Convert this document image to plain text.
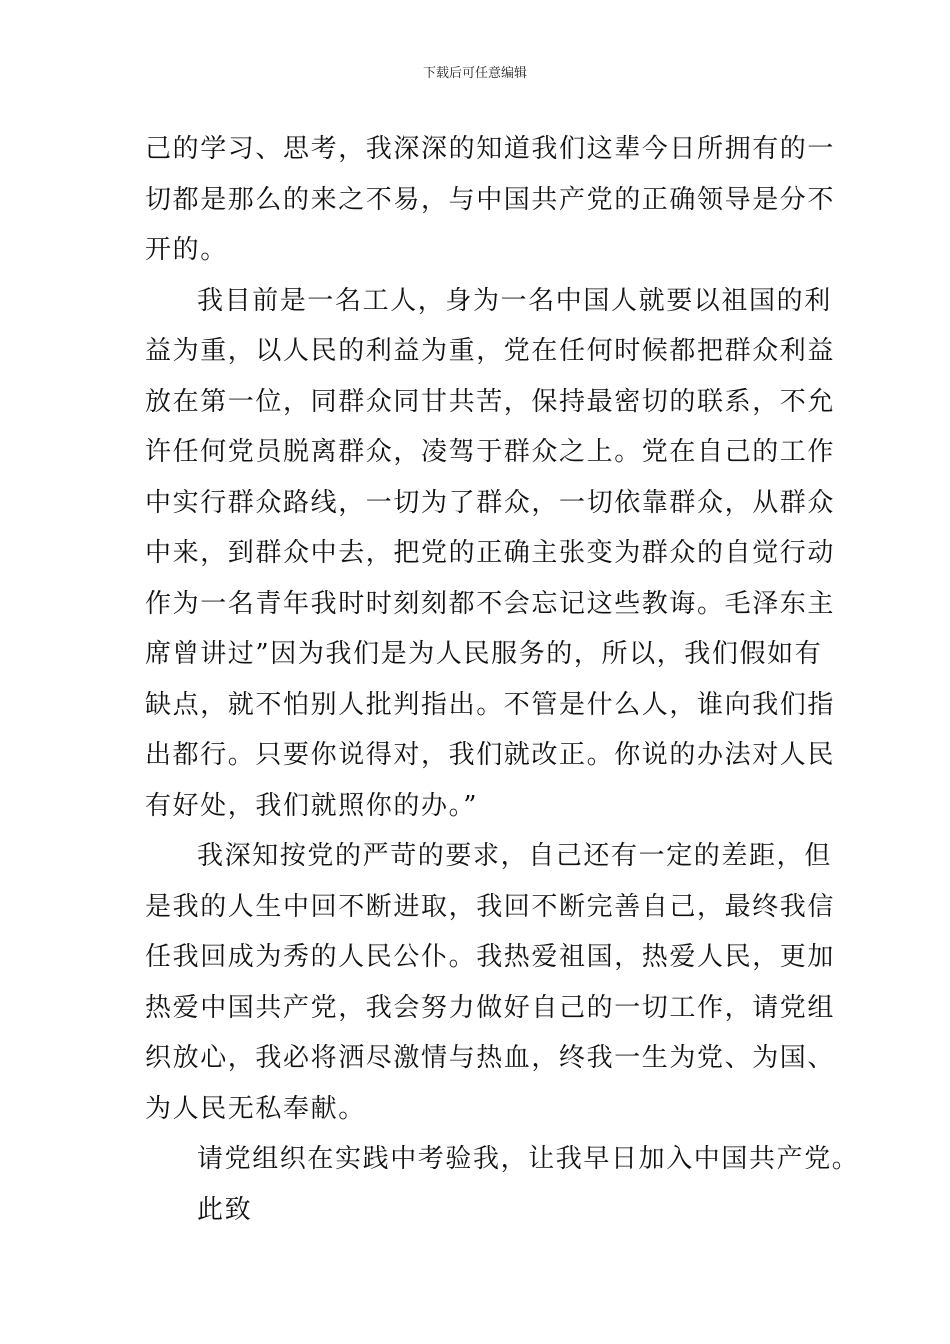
下载后可任意编辑

己的学习、思考，我深深的知道我们这辈今日所拥有的一
切都是那么的来之不易，与中国共产党的正确领导是分不
开的。

我目前是一名工人，身为一名中国人就要以祖国的利
益为重，以人民的利益为重，党在任何时候都把群众利益
放在第一位，同群众同甘共苦，保持最密切的联系，不允
许任何党员脱离群众，凌驾于群众之上。党在自己的工作
中实行群众路线，一切为了群众，一切依靠群众，从群众
中来，到群众中去，把党的正确主张变为群众的自觉行动
作为一名青年我时时刻刻都不会忘记这些教诲。毛泽东主
席曾讲过”因为我们是为人民服务的，所以，我们假如有
缺点，就不怕别人批判指出。不管是什么人，谁向我们指
出都行。只要你说得对，我们就改正。你说的办法对人民
有好处，我们就照你的办。”

我深知按党的严苛的要求，自己还有一定的差距，但
是我的人生中回不断进取，我回不断完善自己，最终我信
任我回成为秀的人民公仆。我热爱祖国，热爱人民，更加
热爱中国共产党，我会努力做好自己的一切工作，请党组
织放心，我必将洒尽激情与热血，终我一生为党、为国、
为人民无私奉献。

请党组织在实践中考验我，让我早日加入中国共产党。

此致
